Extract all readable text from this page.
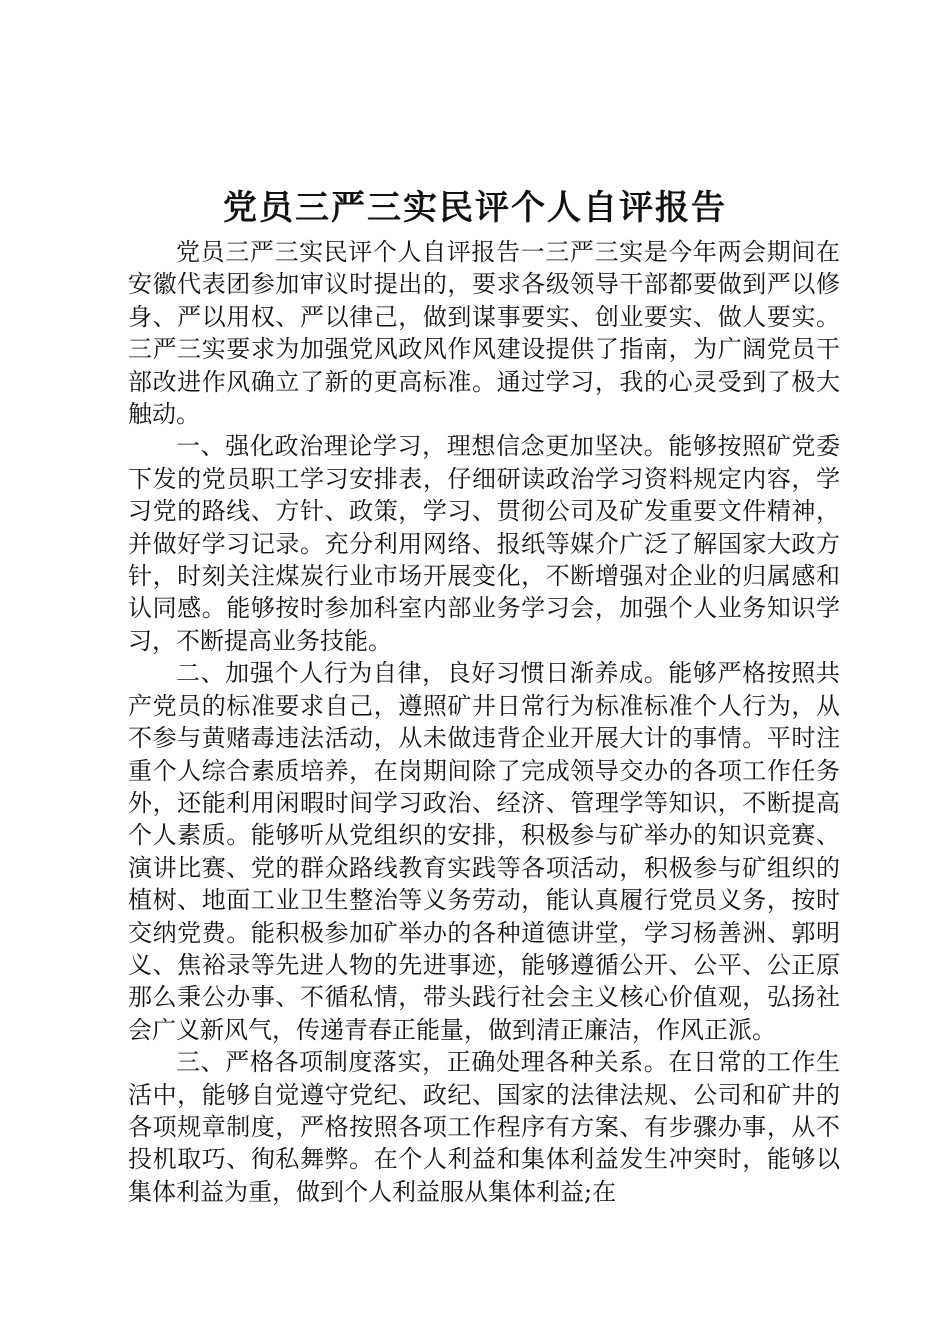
党员三严三实民评个人自评报告

党员三严三实民评个人自评报告一三严三实是今年两会期间在安徽代表团参加审议时提出的，要求各级领导干部都要做到严以修身、严以用权、严以律己，做到谋事要实、创业要实、做人要实。三严三实要求为加强党风政风作风建设提供了指南，为广阔党员干部改进作风确立了新的更高标准。通过学习，我的心灵受到了极大触动。

一、强化政治理论学习，理想信念更加坚决。能够按照矿党委下发的党员职工学习安排表，仔细研读政治学习资料规定内容，学习党的路线、方针、政策，学习、贯彻公司及矿发重要文件精神，并做好学习记录。充分利用网络、报纸等媒介广泛了解国家大政方针，时刻关注煤炭行业市场开展变化，不断增强对企业的归属感和认同感。能够按时参加科室内部业务学习会，加强个人业务知识学习，不断提高业务技能。

二、加强个人行为自律，良好习惯日渐养成。能够严格按照共产党员的标准要求自己，遵照矿井日常行为标准标准个人行为，从不参与黄赌毒违法活动，从未做违背企业开展大计的事情。平时注重个人综合素质培养，在岗期间除了完成领导交办的各项工作任务外，还能利用闲暇时间学习政治、经济、管理学等知识，不断提高个人素质。能够听从党组织的安排，积极参与矿举办的知识竞赛、演讲比赛、党的群众路线教育实践等各项活动，积极参与矿组织的植树、地面工业卫生整治等义务劳动，能认真履行党员义务，按时交纳党费。能积极参加矿举办的各种道德讲堂，学习杨善洲、郭明义、焦裕录等先进人物的先进事迹，能够遵循公开、公平、公正原那么秉公办事、不循私情，带头践行社会主义核心价值观，弘扬社会广义新风气，传递青春正能量，做到清正廉洁，作风正派。

三、严格各项制度落实，正确处理各种关系。在日常的工作生活中，能够自觉遵守党纪、政纪、国家的法律法规、公司和矿井的各项规章制度，严格按照各项工作程序有方案、有步骤办事，从不投机取巧、徇私舞弊。在个人利益和集体利益发生冲突时，能够以集体利益为重，做到个人利益服从集体利益;在
